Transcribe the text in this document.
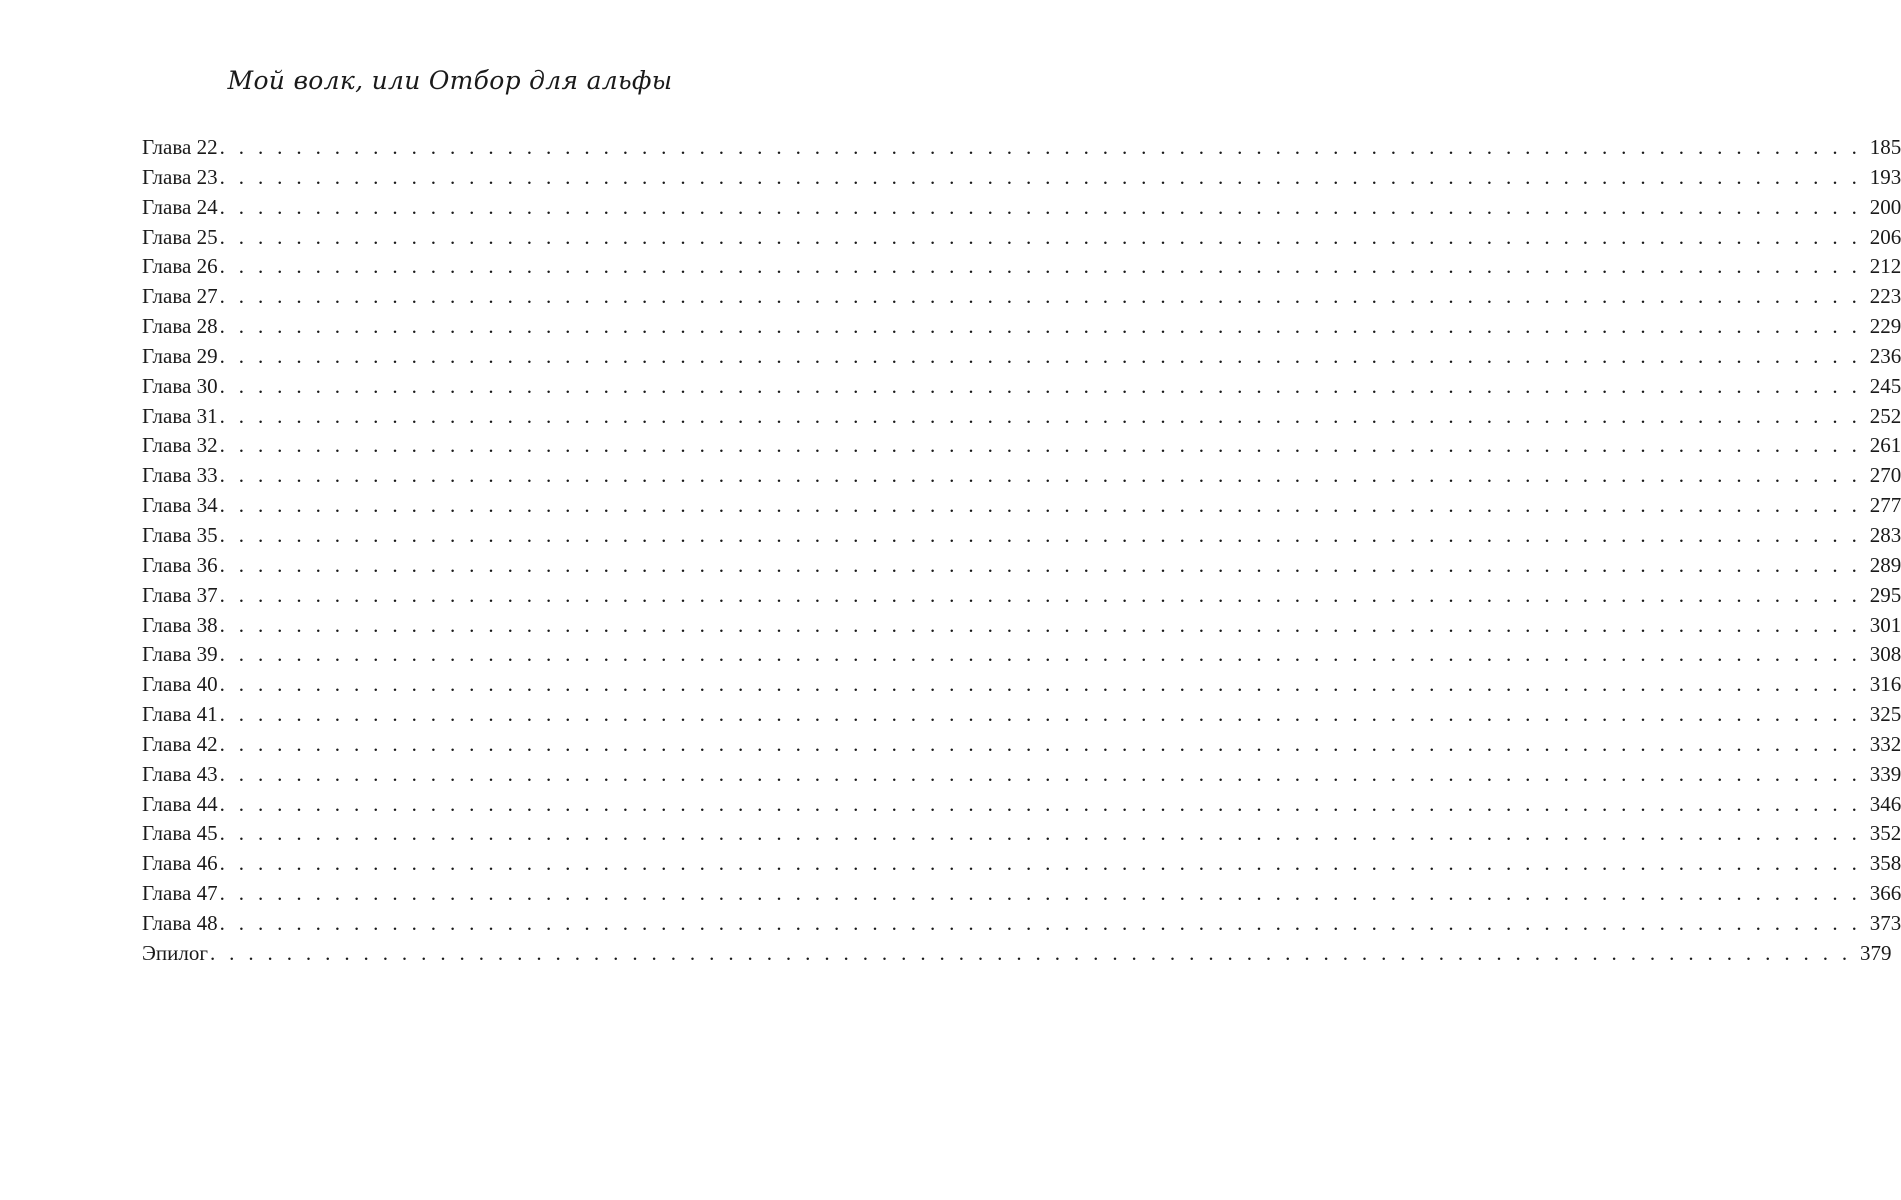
Мой волк, или Отбор для альфы
Глава 22 . . . . . . . . . . . . . . . . . . . . . . . . . . . . . . . . . . . . . . . . . . . . . . . . . . . . . . . . . . . . . . . . . . . . . . . . . . . . . . . . . . . . . . 185
Глава 23 . . . . . . . . . . . . . . . . . . . . . . . . . . . . . . . . . . . . . . . . . . . . . . . . . . . . . . . . . . . . . . . . . . . . . . . . . . . . . . . . . . . . . . 193
Глава 24 . . . . . . . . . . . . . . . . . . . . . . . . . . . . . . . . . . . . . . . . . . . . . . . . . . . . . . . . . . . . . . . . . . . . . . . . . . . . . . . . . . . . . . 200
Глава 25 . . . . . . . . . . . . . . . . . . . . . . . . . . . . . . . . . . . . . . . . . . . . . . . . . . . . . . . . . . . . . . . . . . . . . . . . . . . . . . . . . . . . . . 206
Глава 26 . . . . . . . . . . . . . . . . . . . . . . . . . . . . . . . . . . . . . . . . . . . . . . . . . . . . . . . . . . . . . . . . . . . . . . . . . . . . . . . . . . . . . . 212
Глава 27 . . . . . . . . . . . . . . . . . . . . . . . . . . . . . . . . . . . . . . . . . . . . . . . . . . . . . . . . . . . . . . . . . . . . . . . . . . . . . . . . . . . . . . 223
Глава 28 . . . . . . . . . . . . . . . . . . . . . . . . . . . . . . . . . . . . . . . . . . . . . . . . . . . . . . . . . . . . . . . . . . . . . . . . . . . . . . . . . . . . . . 229
Глава 29 . . . . . . . . . . . . . . . . . . . . . . . . . . . . . . . . . . . . . . . . . . . . . . . . . . . . . . . . . . . . . . . . . . . . . . . . . . . . . . . . . . . . . . 236
Глава 30 . . . . . . . . . . . . . . . . . . . . . . . . . . . . . . . . . . . . . . . . . . . . . . . . . . . . . . . . . . . . . . . . . . . . . . . . . . . . . . . . . . . . . . 245
Глава 31 . . . . . . . . . . . . . . . . . . . . . . . . . . . . . . . . . . . . . . . . . . . . . . . . . . . . . . . . . . . . . . . . . . . . . . . . . . . . . . . . . . . . . . 252
Глава 32 . . . . . . . . . . . . . . . . . . . . . . . . . . . . . . . . . . . . . . . . . . . . . . . . . . . . . . . . . . . . . . . . . . . . . . . . . . . . . . . . . . . . . . 261
Глава 33 . . . . . . . . . . . . . . . . . . . . . . . . . . . . . . . . . . . . . . . . . . . . . . . . . . . . . . . . . . . . . . . . . . . . . . . . . . . . . . . . . . . . . . 270
Глава 34 . . . . . . . . . . . . . . . . . . . . . . . . . . . . . . . . . . . . . . . . . . . . . . . . . . . . . . . . . . . . . . . . . . . . . . . . . . . . . . . . . . . . . . 277
Глава 35 . . . . . . . . . . . . . . . . . . . . . . . . . . . . . . . . . . . . . . . . . . . . . . . . . . . . . . . . . . . . . . . . . . . . . . . . . . . . . . . . . . . . . . 283
Глава 36 . . . . . . . . . . . . . . . . . . . . . . . . . . . . . . . . . . . . . . . . . . . . . . . . . . . . . . . . . . . . . . . . . . . . . . . . . . . . . . . . . . . . . . 289
Глава 37 . . . . . . . . . . . . . . . . . . . . . . . . . . . . . . . . . . . . . . . . . . . . . . . . . . . . . . . . . . . . . . . . . . . . . . . . . . . . . . . . . . . . . . 295
Глава 38 . . . . . . . . . . . . . . . . . . . . . . . . . . . . . . . . . . . . . . . . . . . . . . . . . . . . . . . . . . . . . . . . . . . . . . . . . . . . . . . . . . . . . . 301
Глава 39 . . . . . . . . . . . . . . . . . . . . . . . . . . . . . . . . . . . . . . . . . . . . . . . . . . . . . . . . . . . . . . . . . . . . . . . . . . . . . . . . . . . . . . 308
Глава 40 . . . . . . . . . . . . . . . . . . . . . . . . . . . . . . . . . . . . . . . . . . . . . . . . . . . . . . . . . . . . . . . . . . . . . . . . . . . . . . . . . . . . . . 316
Глава 41 . . . . . . . . . . . . . . . . . . . . . . . . . . . . . . . . . . . . . . . . . . . . . . . . . . . . . . . . . . . . . . . . . . . . . . . . . . . . . . . . . . . . . . 325
Глава 42 . . . . . . . . . . . . . . . . . . . . . . . . . . . . . . . . . . . . . . . . . . . . . . . . . . . . . . . . . . . . . . . . . . . . . . . . . . . . . . . . . . . . . . 332
Глава 43 . . . . . . . . . . . . . . . . . . . . . . . . . . . . . . . . . . . . . . . . . . . . . . . . . . . . . . . . . . . . . . . . . . . . . . . . . . . . . . . . . . . . . . 339
Глава 44 . . . . . . . . . . . . . . . . . . . . . . . . . . . . . . . . . . . . . . . . . . . . . . . . . . . . . . . . . . . . . . . . . . . . . . . . . . . . . . . . . . . . . . 346
Глава 45 . . . . . . . . . . . . . . . . . . . . . . . . . . . . . . . . . . . . . . . . . . . . . . . . . . . . . . . . . . . . . . . . . . . . . . . . . . . . . . . . . . . . . . 352
Глава 46 . . . . . . . . . . . . . . . . . . . . . . . . . . . . . . . . . . . . . . . . . . . . . . . . . . . . . . . . . . . . . . . . . . . . . . . . . . . . . . . . . . . . . . 358
Глава 47 . . . . . . . . . . . . . . . . . . . . . . . . . . . . . . . . . . . . . . . . . . . . . . . . . . . . . . . . . . . . . . . . . . . . . . . . . . . . . . . . . . . . . . 366
Глава 48 . . . . . . . . . . . . . . . . . . . . . . . . . . . . . . . . . . . . . . . . . . . . . . . . . . . . . . . . . . . . . . . . . . . . . . . . . . . . . . . . . . . . . . 373
Эпилог . . . . . . . . . . . . . . . . . . . . . . . . . . . . . . . . . . . . . . . . . . . . . . . . . . . . . . . . . . . . . . . . . . . . . . . . . . . . . . . . . . . . . . 379
